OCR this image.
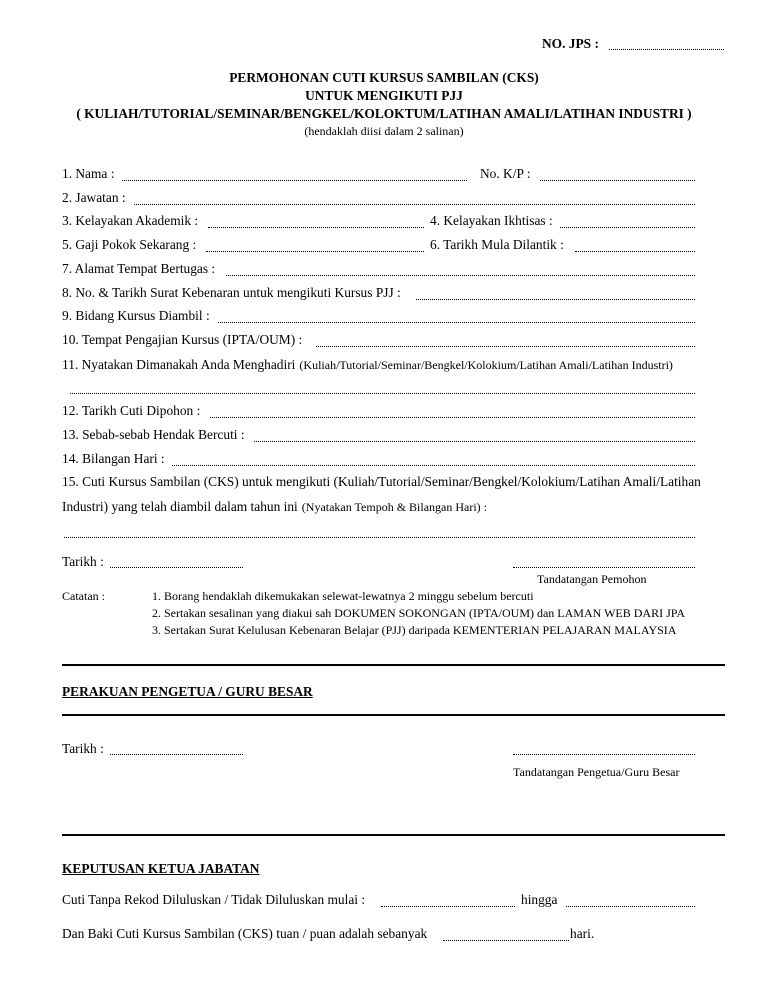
NO. JPS :
PERMOHONAN CUTI KURSUS SAMBILAN (CKS)
UNTUK MENGIKUTI PJJ
( KULIAH/TUTORIAL/SEMINAR/BENGKEL/KOLOKTUM/LATIHAN AMALI/LATIHAN INDUSTRI )
(hendaklah diisi dalam 2 salinan)
1. Nama :	No. K/P :
2. Jawatan :
3. Kelayakan Akademik :	4. Kelayakan Ikhtisas :
5. Gaji Pokok Sekarang :	6. Tarikh Mula Dilantik :
7. Alamat Tempat Bertugas :
8. No. & Tarikh Surat Kebenaran untuk mengikuti Kursus PJJ :
9. Bidang Kursus Diambil :
10. Tempat Pengajian Kursus (IPTA/OUM) :
11. Nyatakan Dimanakah Anda Menghadiri (Kuliah/Tutorial/Seminar/Bengkel/Kolokium/Latihan Amali/Latihan Industri)
12. Tarikh Cuti Dipohon :
13. Sebab-sebab Hendak Bercuti :
14. Bilangan Hari :
15. Cuti Kursus Sambilan (CKS) untuk mengikuti (Kuliah/Tutorial/Seminar/Bengkel/Kolokium/Latihan Amali/Latihan
Industri) yang telah diambil dalam tahun ini (Nyatakan Tempoh & Bilangan Hari) :
Tarikh :
Tandatangan Pemohon
Catatan :	1. Borang hendaklah dikemukakan selewat-lewatnya 2 minggu sebelum bercuti
2. Sertakan sesalinan yang diakui sah DOKUMEN SOKONGAN (IPTA/OUM) dan LAMAN WEB DARI JPA
3. Sertakan Surat Kelulusan Kebenaran Belajar (PJJ) daripada KEMENTERIAN PELAJARAN MALAYSIA
PERAKUAN PENGETUA / GURU BESAR
Tarikh :
Tandatangan Pengetua/Guru Besar
KEPUTUSAN KETUA JABATAN
Cuti Tanpa Rekod Diluluskan / Tidak Diluluskan mulai :	hingga
Dan Baki Cuti Kursus Sambilan (CKS) tuan / puan adalah sebanyak	hari.
